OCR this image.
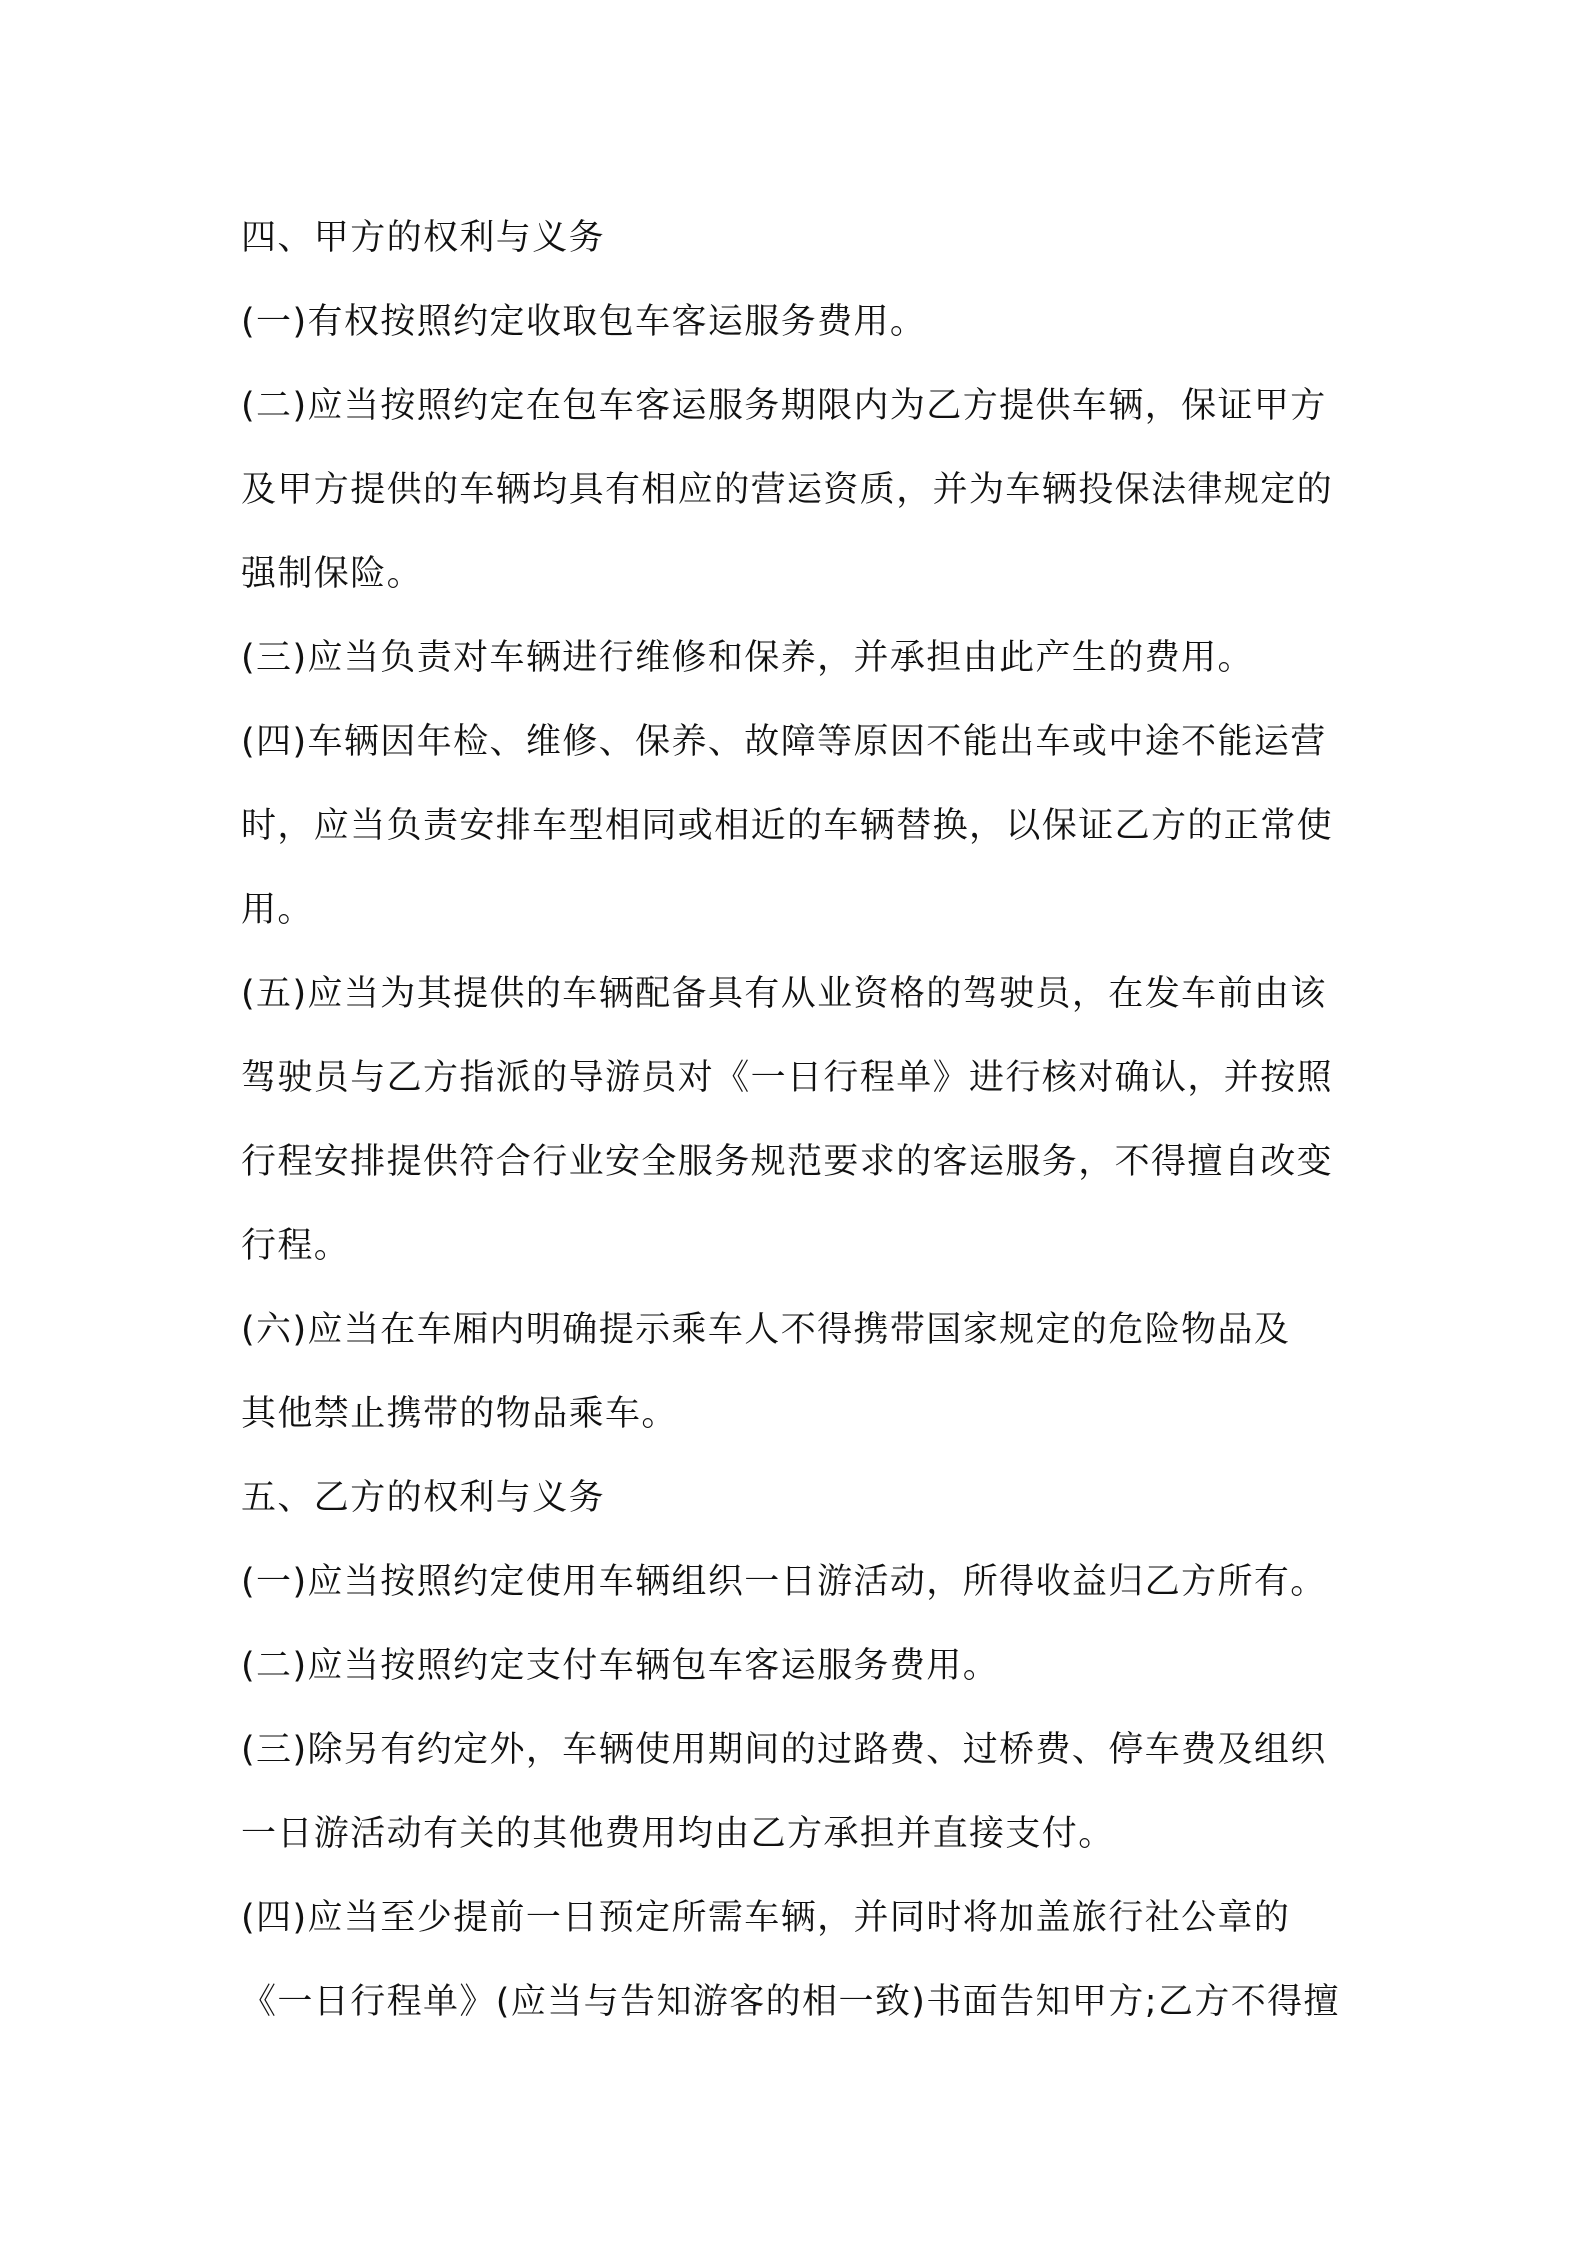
四、甲方的权利与义务
(一)有权按照约定收取包车客运服务费用。
(二)应当按照约定在包车客运服务期限内为乙方提供车辆，保证甲方
及甲方提供的车辆均具有相应的营运资质，并为车辆投保法律规定的
强制保险。
(三)应当负责对车辆进行维修和保养，并承担由此产生的费用。
(四)车辆因年检、维修、保养、故障等原因不能出车或中途不能运营
时，应当负责安排车型相同或相近的车辆替换，以保证乙方的正常使
用。
(五)应当为其提供的车辆配备具有从业资格的驾驶员，在发车前由该
驾驶员与乙方指派的导游员对《一日行程单》进行核对确认，并按照
行程安排提供符合行业安全服务规范要求的客运服务，不得擅自改变
行程。
(六)应当在车厢内明确提示乘车人不得携带国家规定的危险物品及
其他禁止携带的物品乘车。
五、乙方的权利与义务
(一)应当按照约定使用车辆组织一日游活动，所得收益归乙方所有。
(二)应当按照约定支付车辆包车客运服务费用。
(三)除另有约定外，车辆使用期间的过路费、过桥费、停车费及组织
一日游活动有关的其他费用均由乙方承担并直接支付。
(四)应当至少提前一日预定所需车辆，并同时将加盖旅行社公章的
《一日行程单》(应当与告知游客的相一致)书面告知甲方;乙方不得擅
